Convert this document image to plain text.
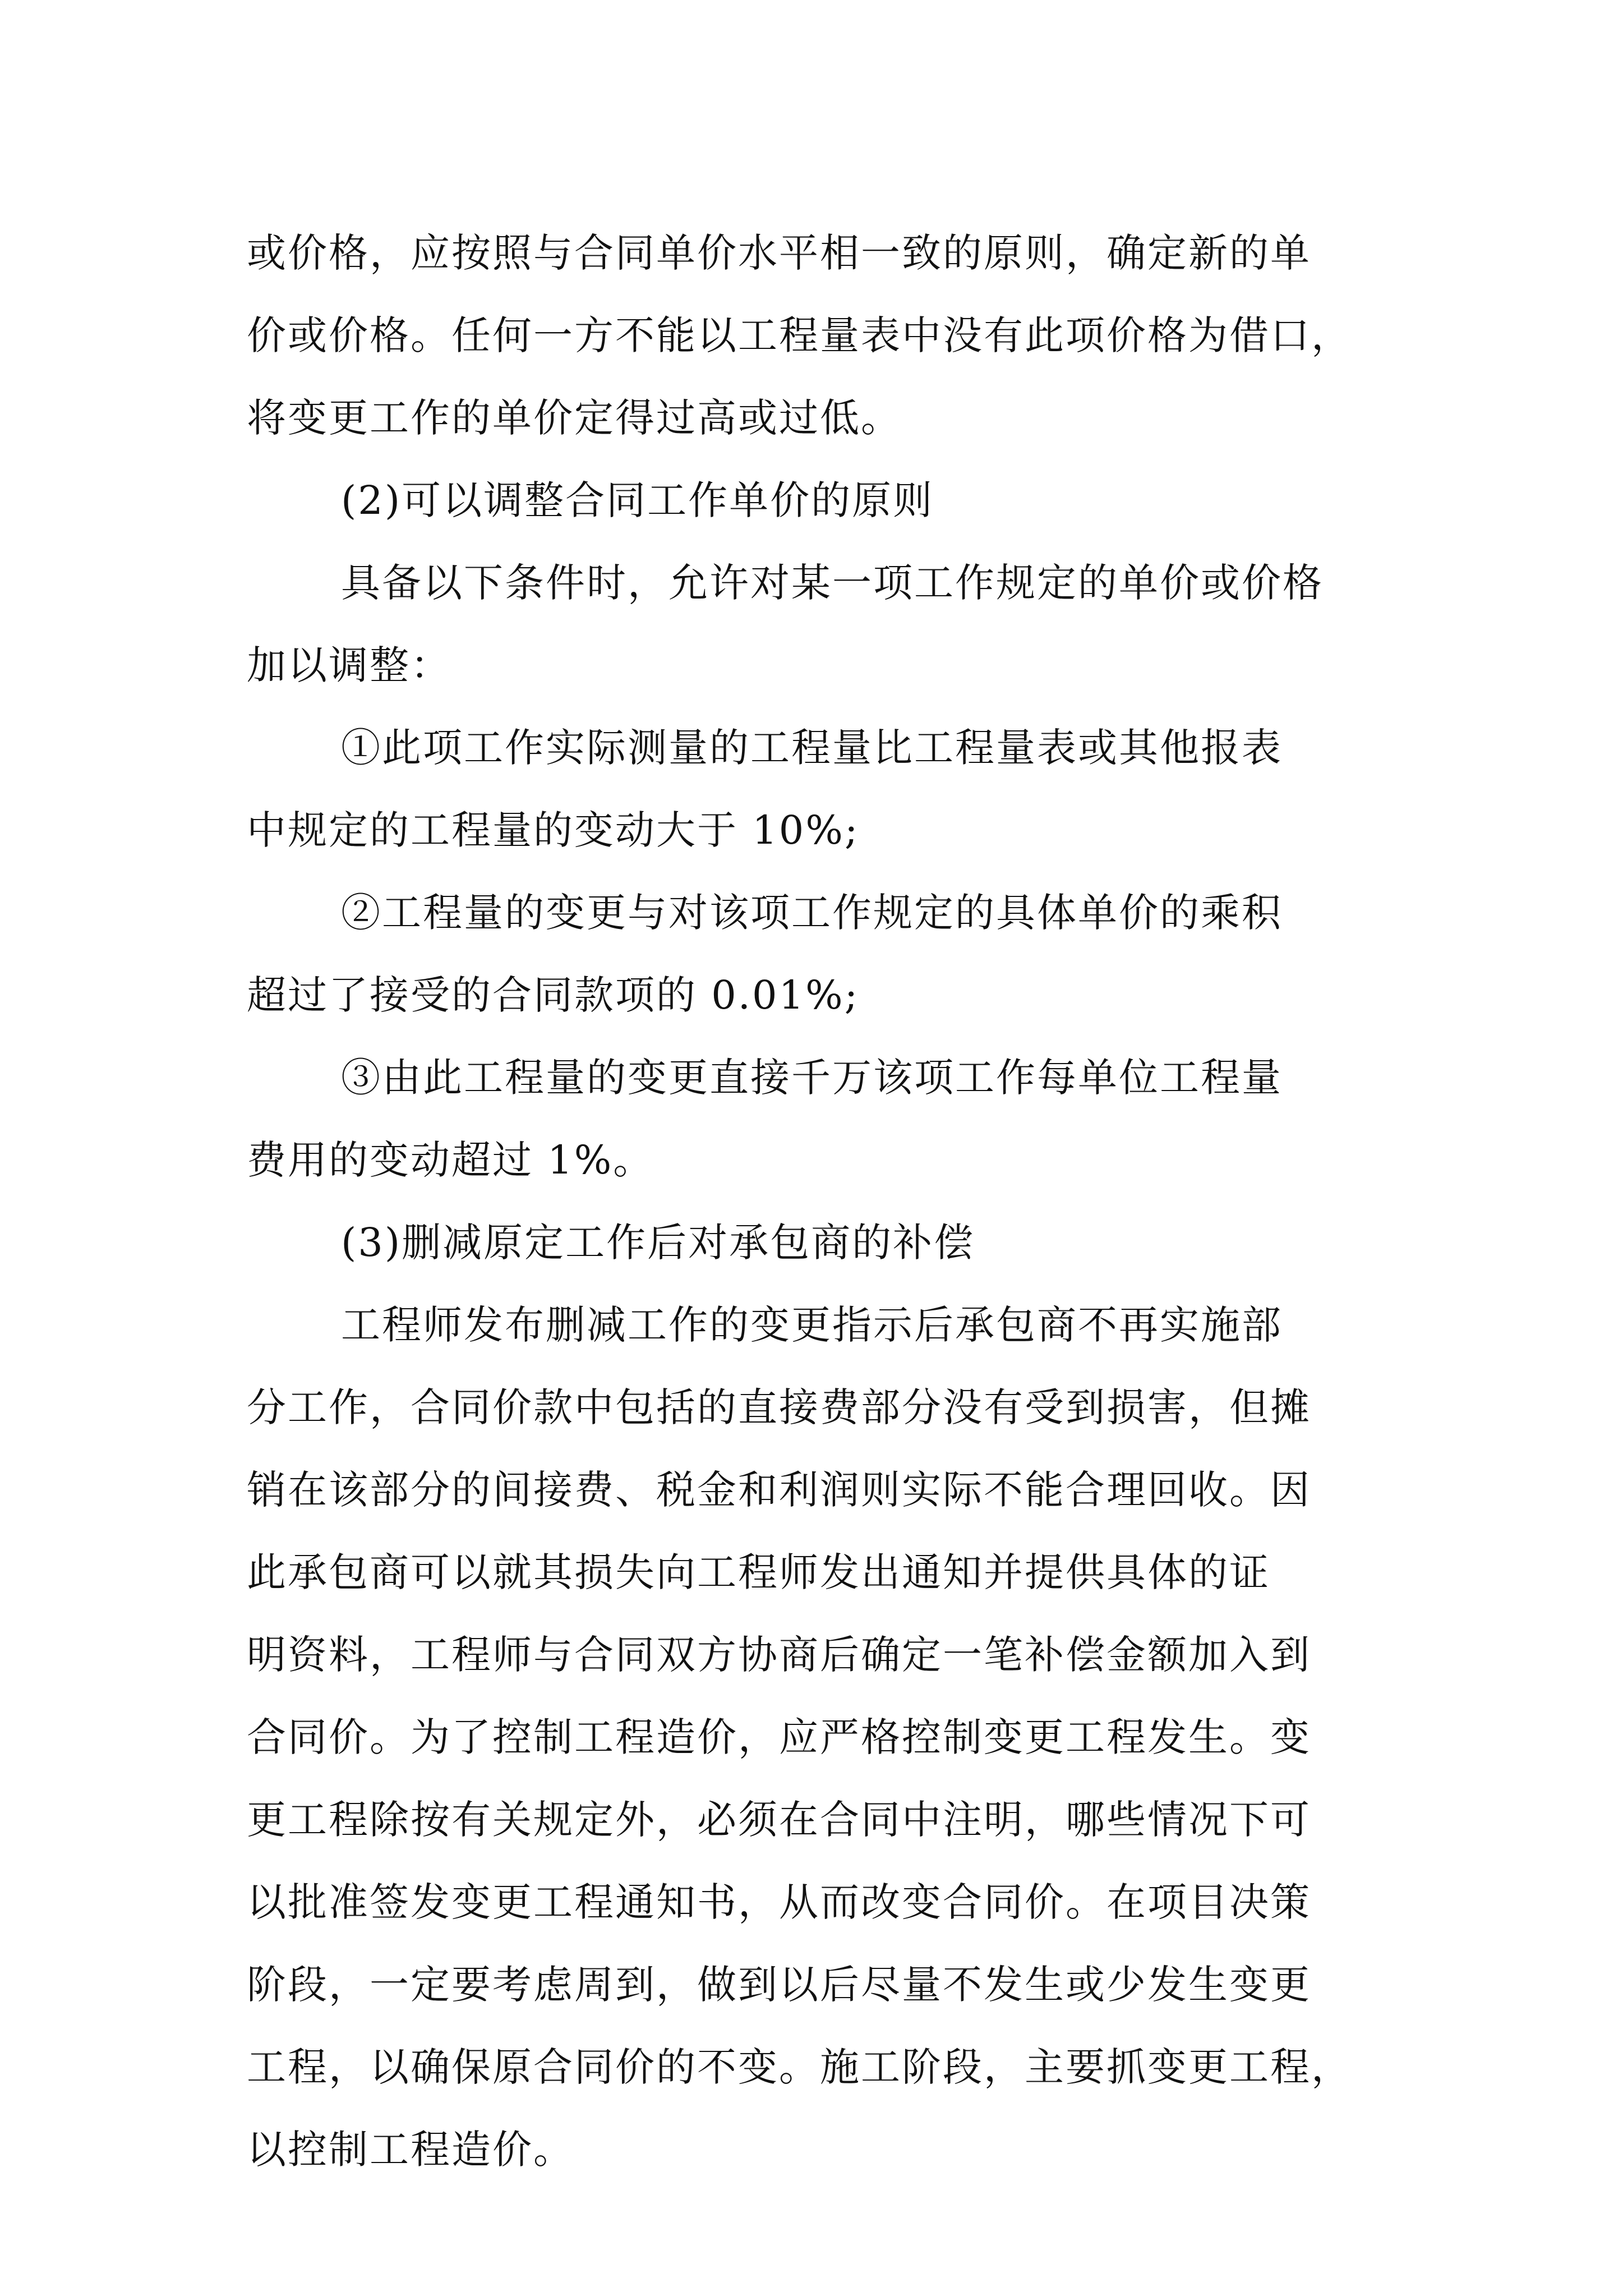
或价格，应按照与合同单价水平相一致的原则，确定新的单
价或价格。任何一方不能以工程量表中没有此项价格为借口，
将变更工作的单价定得过高或过低。
(2)可以调整合同工作单价的原则
具备以下条件时，允许对某一项工作规定的单价或价格
加以调整：
①此项工作实际测量的工程量比工程量表或其他报表
中规定的工程量的变动大于 10%;
②工程量的变更与对该项工作规定的具体单价的乘积
超过了接受的合同款项的 0.01%;
③由此工程量的变更直接千万该项工作每单位工程量
费用的变动超过 1%。
(3)删减原定工作后对承包商的补偿
工程师发布删减工作的变更指示后承包商不再实施部
分工作，合同价款中包括的直接费部分没有受到损害，但摊
销在该部分的间接费、税金和利润则实际不能合理回收。因
此承包商可以就其损失向工程师发出通知并提供具体的证
明资料，工程师与合同双方协商后确定一笔补偿金额加入到
合同价。为了控制工程造价，应严格控制变更工程发生。变
更工程除按有关规定外，必须在合同中注明，哪些情况下可
以批准签发变更工程通知书，从而改变合同价。在项目决策
阶段，一定要考虑周到，做到以后尽量不发生或少发生变更
工程，以确保原合同价的不变。施工阶段，主要抓变更工程，
以控制工程造价。
